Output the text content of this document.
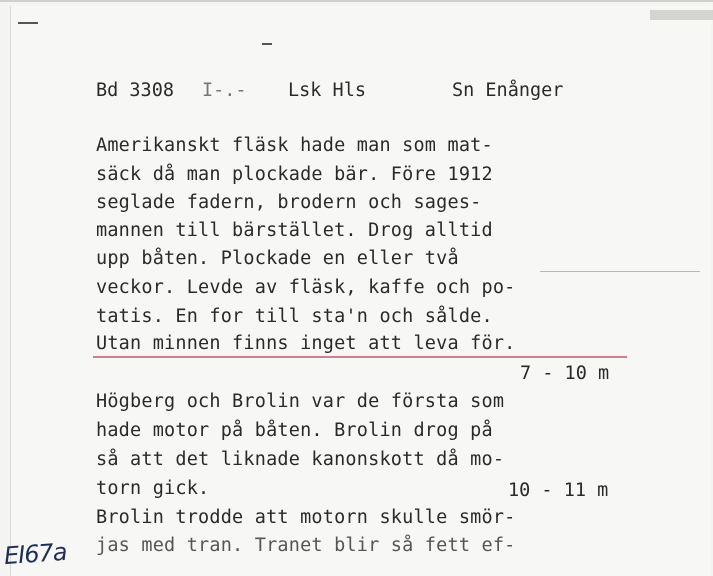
Bd 3308 I-.- Lsk Hls	Sn Enånger
Amerikanskt fläsk hade man som mat-
säck då man plockade bär. Före 1912
seglade fadern, brodern och sages-
mannen till bärstället. Drog alltid
upp båten. Plockade en eller två
veckor. Levde av fläsk, kaffe och po-
tatis. En for till sta'n och sålde.
Utan minnen finns inget att leva för.
7 - 10 m
Högberg och Brolin var de första som
hade motor på båten. Brolin drog på
så att det liknade kanonskott då mo-
torn gick.	10 - 11 m
Brolin trodde att motorn skulle smör-
jas med tran. Tranet blir så fett ef-
EI67a
